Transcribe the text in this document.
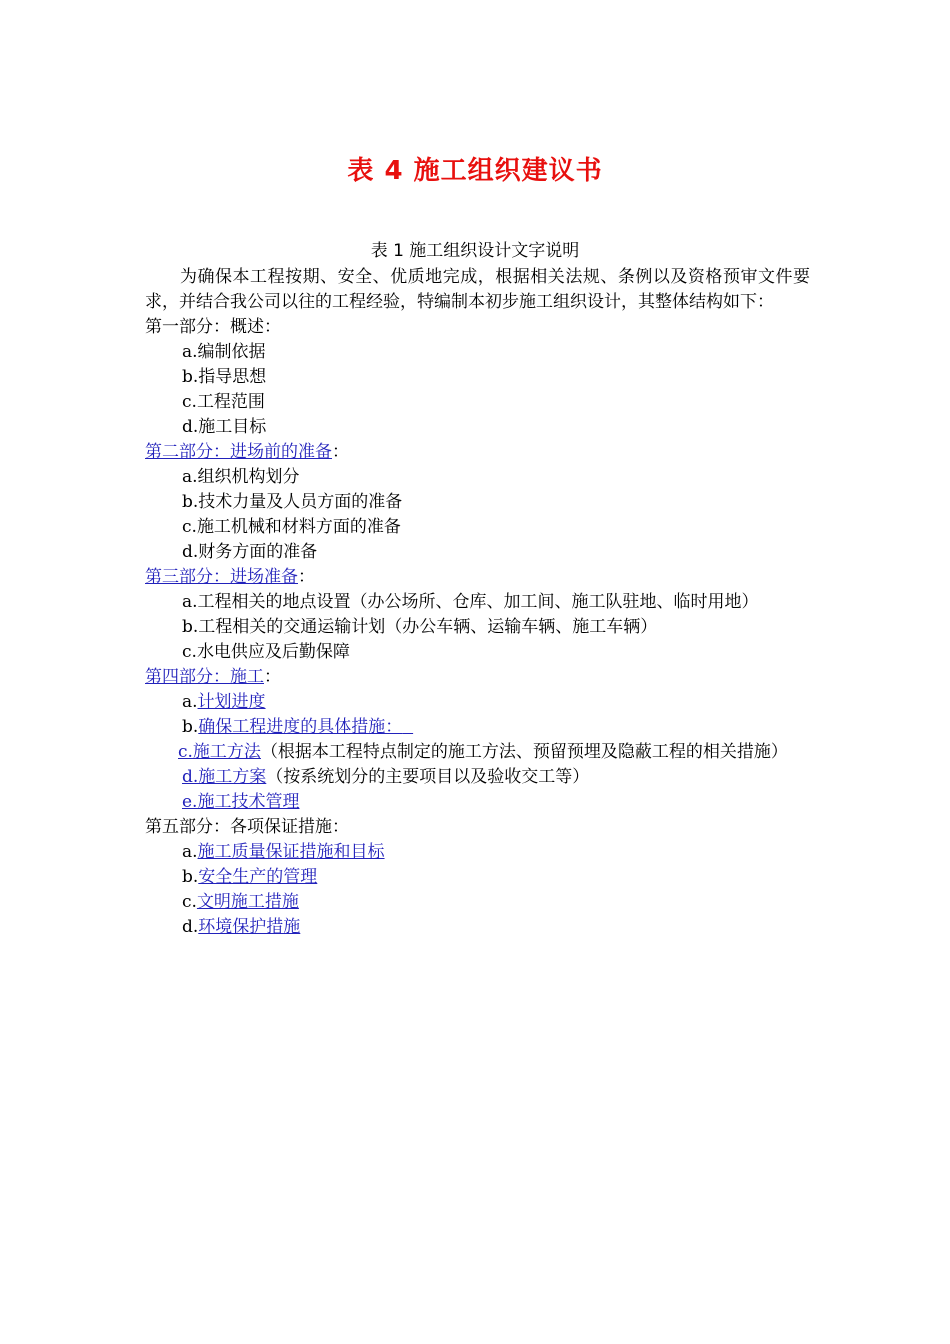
表 4 施工组织建议书
表 1 施工组织设计文字说明

为确保本工程按期、安全、优质地完成，根据相关法规、条例以及资格预审文件要求，并结合我公司以往的工程经验，特编制本初步施工组织设计，其整体结构如下：

第一部分：概述：

a.编制依据

b.指导思想

c.工程范围

d.施工目标

第二部分：进场前的准备：

a.组织机构划分

b.技术力量及人员方面的准备

c.施工机械和材料方面的准备

d.财务方面的准备

第三部分：进场准备：

a.工程相关的地点设置（办公场所、仓库、加工间、施工队驻地、临时用地）

b.工程相关的交通运输计划（办公车辆、运输车辆、施工车辆）

c.水电供应及后勤保障

第四部分：施工：

a.计划进度

b.确保工程进度的具体措施：

c.施工方法（根据本工程特点制定的施工方法、预留预埋及隐蔽工程的相关措施）

d.施工方案（按系统划分的主要项目以及验收交工等）

e.施工技术管理

第五部分：各项保证措施：

a.施工质量保证措施和目标

b.安全生产的管理

c.文明施工措施

d.环境保护措施
